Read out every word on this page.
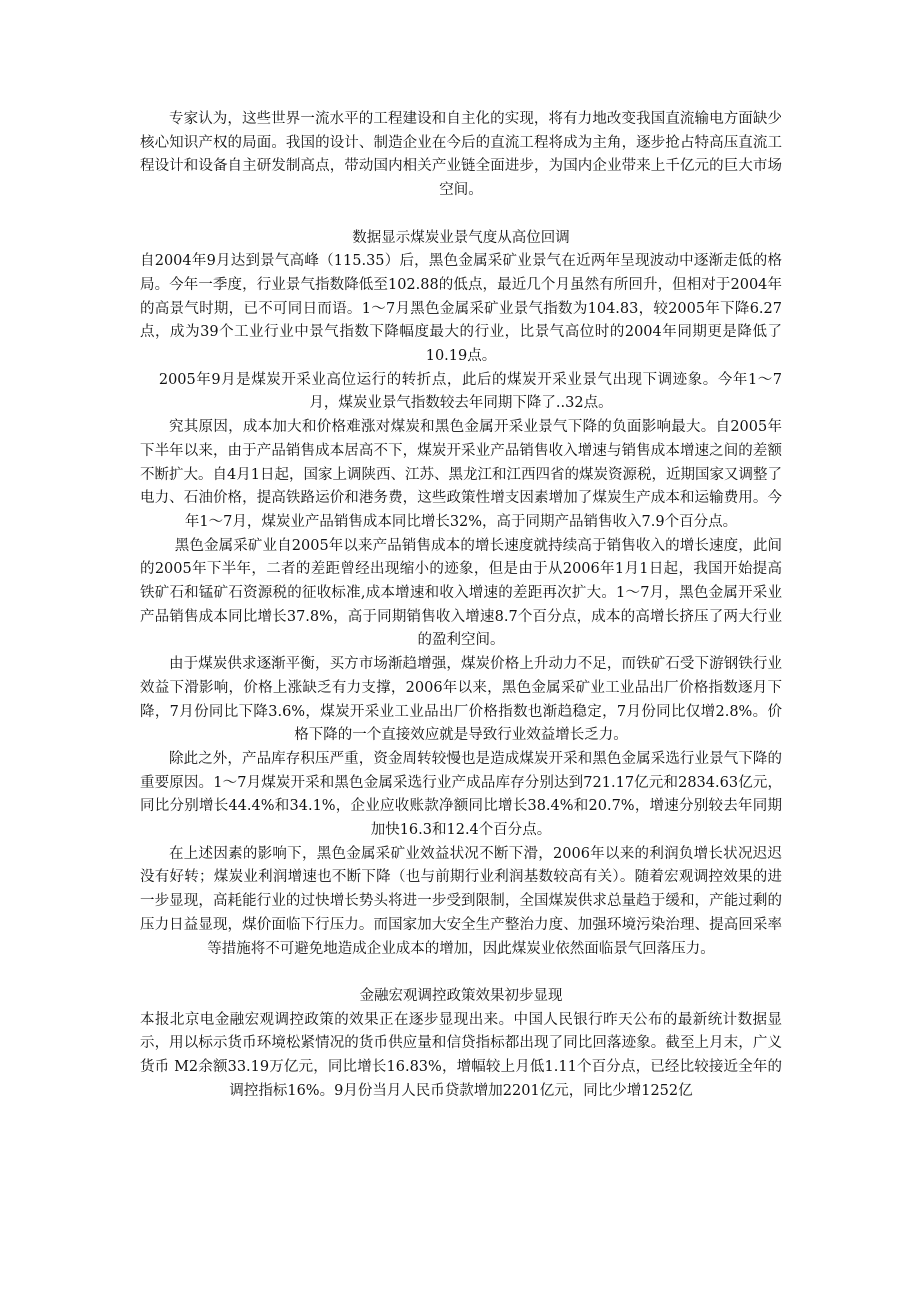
专家认为，这些世界一流水平的工程建设和自主化的实现，将有力地改变我国直流输电方面缺少核心知识产权的局面。我国的设计、制造企业在今后的直流工程将成为主角，逐步抢占特高压直流工程设计和设备自主研发制高点，带动国内相关产业链全面进步，为国内企业带来上千亿元的巨大市场空间。

数据显示煤炭业景气度从高位回调

自2004年9月达到景气高峰（115.35）后，黑色金属采矿业景气在近两年呈现波动中逐渐走低的格局。今年一季度，行业景气指数降低至102.88的低点，最近几个月虽然有所回升，但相对于2004年的高景气时期，已不可同日而语。1～7月黑色金属采矿业景气指数为104.83，较2005年下降6.27点，成为39个工业行业中景气指数下降幅度最大的行业，比景气高位时的2004年同期更是降低了10.19点。

2005年9月是煤炭开采业高位运行的转折点，此后的煤炭开采业景气出现下调迹象。今年1～7月，煤炭业景气指数较去年同期下降了..32点。

究其原因，成本加大和价格难涨对煤炭和黑色金属开采业景气下降的负面影响最大。自2005年下半年以来，由于产品销售成本居高不下，煤炭开采业产品销售收入增速与销售成本增速之间的差额不断扩大。自4月1日起，国家上调陕西、江苏、黑龙江和江西四省的煤炭资源税，近期国家又调整了电力、石油价格，提高铁路运价和港务费，这些政策性增支因素增加了煤炭生产成本和运输费用。今年1～7月，煤炭业产品销售成本同比增长32%，高于同期产品销售收入7.9个百分点。

黑色金属采矿业自2005年以来产品销售成本的增长速度就持续高于销售收入的增长速度，此间的2005年下半年，二者的差距曾经出现缩小的迹象，但是由于从2006年1月1日起，我国开始提高铁矿石和锰矿石资源税的征收标准,成本增速和收入增速的差距再次扩大。1～7月，黑色金属开采业产品销售成本同比增长37.8%，高于同期销售收入增速8.7个百分点，成本的高增长挤压了两大行业的盈利空间。

由于煤炭供求逐渐平衡，买方市场渐趋增强，煤炭价格上升动力不足，而铁矿石受下游钢铁行业效益下滑影响，价格上涨缺乏有力支撑，2006年以来，黑色金属采矿业工业品出厂价格指数逐月下降，7月份同比下降3.6%，煤炭开采业工业品出厂价格指数也渐趋稳定，7月份同比仅增2.8%。价格下降的一个直接效应就是导致行业效益增长乏力。

除此之外，产品库存积压严重，资金周转较慢也是造成煤炭开采和黑色金属采选行业景气下降的重要原因。1～7月煤炭开采和黑色金属采选行业产成品库存分别达到721.17亿元和2834.63亿元，同比分别增长44.4%和34.1%，企业应收账款净额同比增长38.4%和20.7%，增速分别较去年同期加快16.3和12.4个百分点。

在上述因素的影响下，黑色金属采矿业效益状况不断下滑，2006年以来的利润负增长状况迟迟没有好转；煤炭业利润增速也不断下降（也与前期行业利润基数较高有关）。随着宏观调控效果的进一步显现，高耗能行业的过快增长势头将进一步受到限制，全国煤炭供求总量趋于缓和，产能过剩的压力日益显现，煤价面临下行压力。而国家加大安全生产整治力度、加强环境污染治理、提高回采率等措施将不可避免地造成企业成本的增加，因此煤炭业依然面临景气回落压力。

金融宏观调控政策效果初步显现

本报北京电金融宏观调控政策的效果正在逐步显现出来。中国人民银行昨天公布的最新统计数据显示，用以标示货币环境松紧情况的货币供应量和信贷指标都出现了同比回落迹象。截至上月末，广义货币 M2余额33.19万亿元，同比增长16.83%，增幅较上月低1.11个百分点，已经比较接近全年的调控指标16%。9月份当月人民币贷款增加2201亿元，同比少增1252亿
